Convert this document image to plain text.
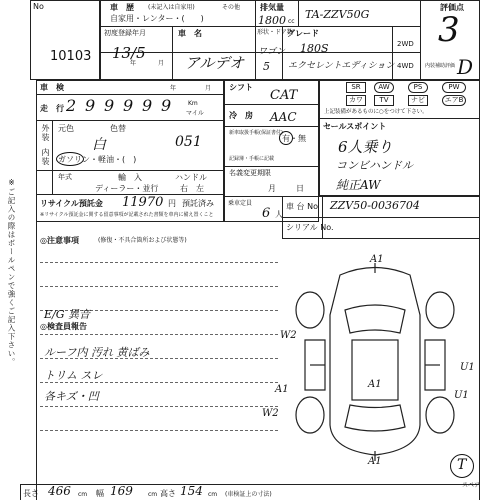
No
10103
車　歴 (未記入は自家用)	その他
自家用・レンター・(　　)
排気量
1800 cc
TA-ZZV50G
評価点
3
初度登録年月
13/5
年	月
車　名
アルデオ
形状・ドア数
ワゴン
5
グレード
180S
エクセレントエディション
2WD
4WD 内装補助評価 D
車　検	年	月
走　行 2 9 9 9 9 9	Km
マイル
外装 元色	色替
白	051
ガソリン・軽油・(　)
内装
年式	輸　入	ハンドル
ディーラー・並行	右　左
リサイクル預託金 11970 円 預託済み
※リサイクル預託金に関する留意事項が記載された書類を車内に備え置くこと
シフト
CAT
冷　房 AAC
新車取扱手帳(保証書付)
有・無
記録簿・手帳に記載
名義変更期限
月	日
乗車定員
6 人
SR	AW	PS	PW
カワ	TV	ナビ	エアB
上記装備があるものに○をつけて下さい。
セールスポイント
6人乗り
コンビハンドル
純正AW
車 台 No ZZV50-0036704
シリアル No.
◎注意事項	(修復・不具合箇所および状態等)
E/G 異音
◎検査員報告
ルーフ内 汚れ 黄ばみ
トリム スレ
各キズ・凹
A1
A1
W2
W2
A1	A1
U1
U1
T
スペア
長さ 466 cm 幅 169	cm 高さ 154 cm (車検証上の寸法)
※ご記入の際はボールペンで強くご記入下さい。
